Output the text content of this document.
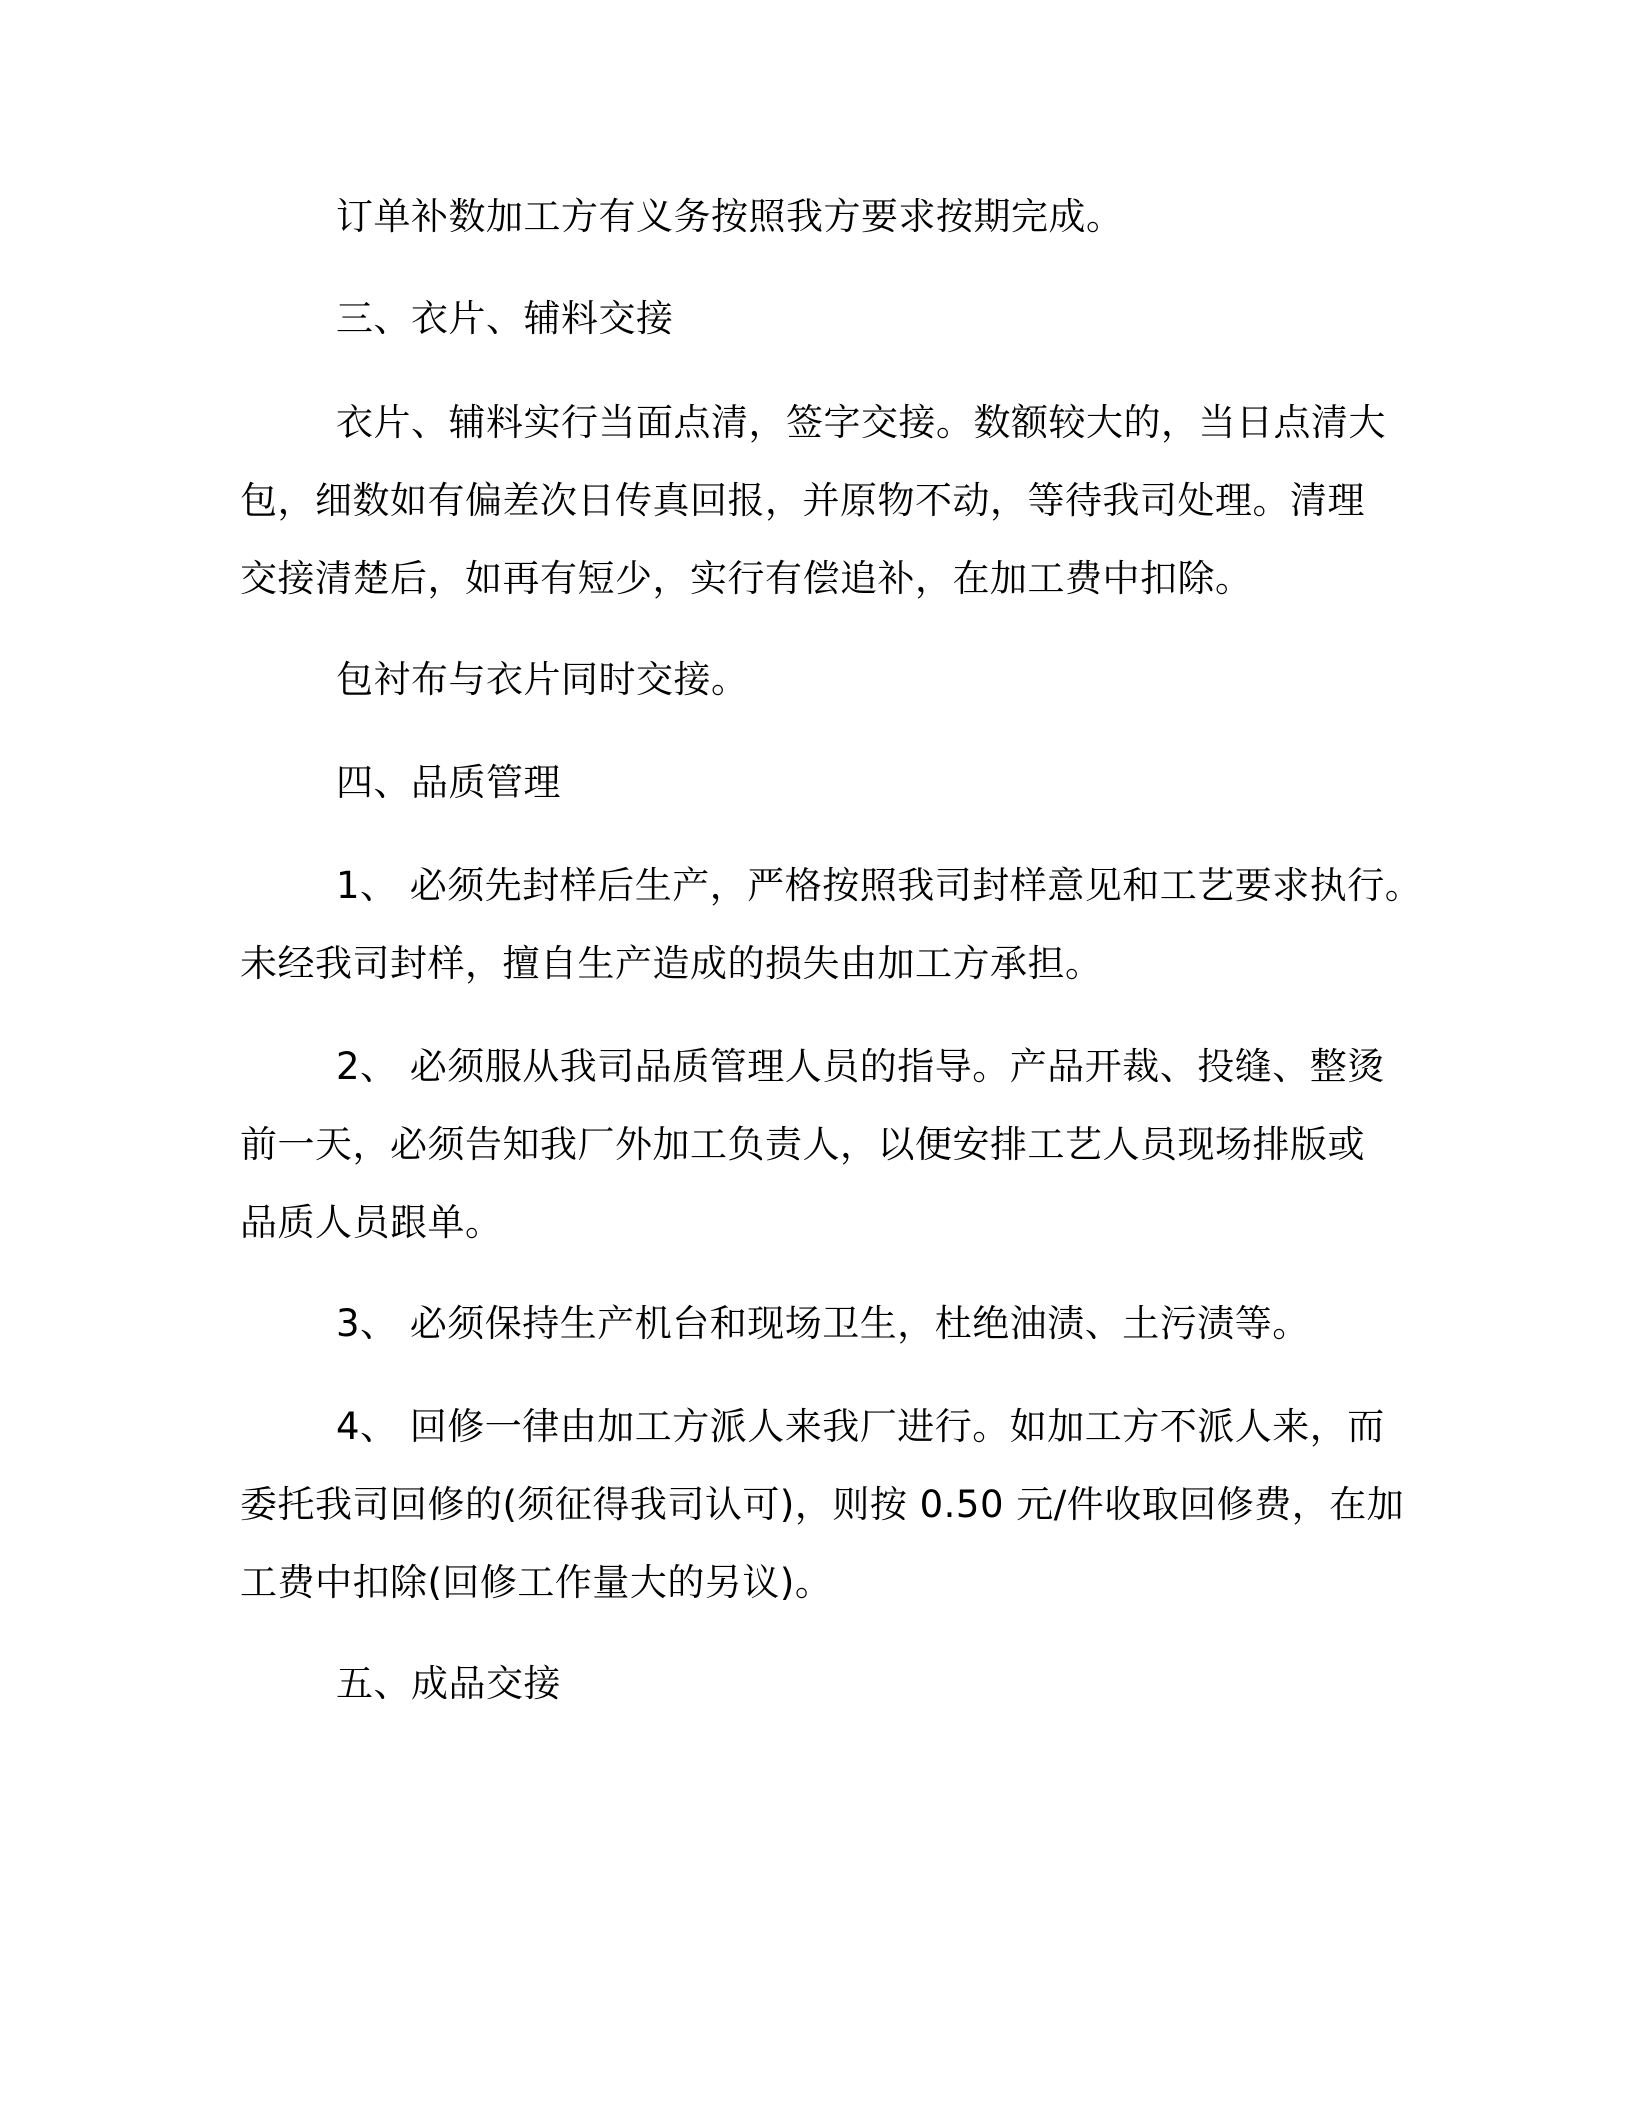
订单补数加工方有义务按照我方要求按期完成。

三、衣片、辅料交接

衣片、辅料实行当面点清，签字交接。数额较大的，当日点清大
包，细数如有偏差次日传真回报，并原物不动，等待我司处理。清理
交接清楚后，如再有短少，实行有偿追补，在加工费中扣除。

包衬布与衣片同时交接。

四、品质管理

1、 必须先封样后生产，严格按照我司封样意见和工艺要求执行。
未经我司封样，擅自生产造成的损失由加工方承担。

2、 必须服从我司品质管理人员的指导。产品开裁、投缝、整烫
前一天，必须告知我厂外加工负责人，以便安排工艺人员现场排版或
品质人员跟单。

3、 必须保持生产机台和现场卫生，杜绝油渍、土污渍等。

4、 回修一律由加工方派人来我厂进行。如加工方不派人来，而
委托我司回修的(须征得我司认可)，则按 0.50 元/件收取回修费，在加
工费中扣除(回修工作量大的另议)。

五、成品交接
